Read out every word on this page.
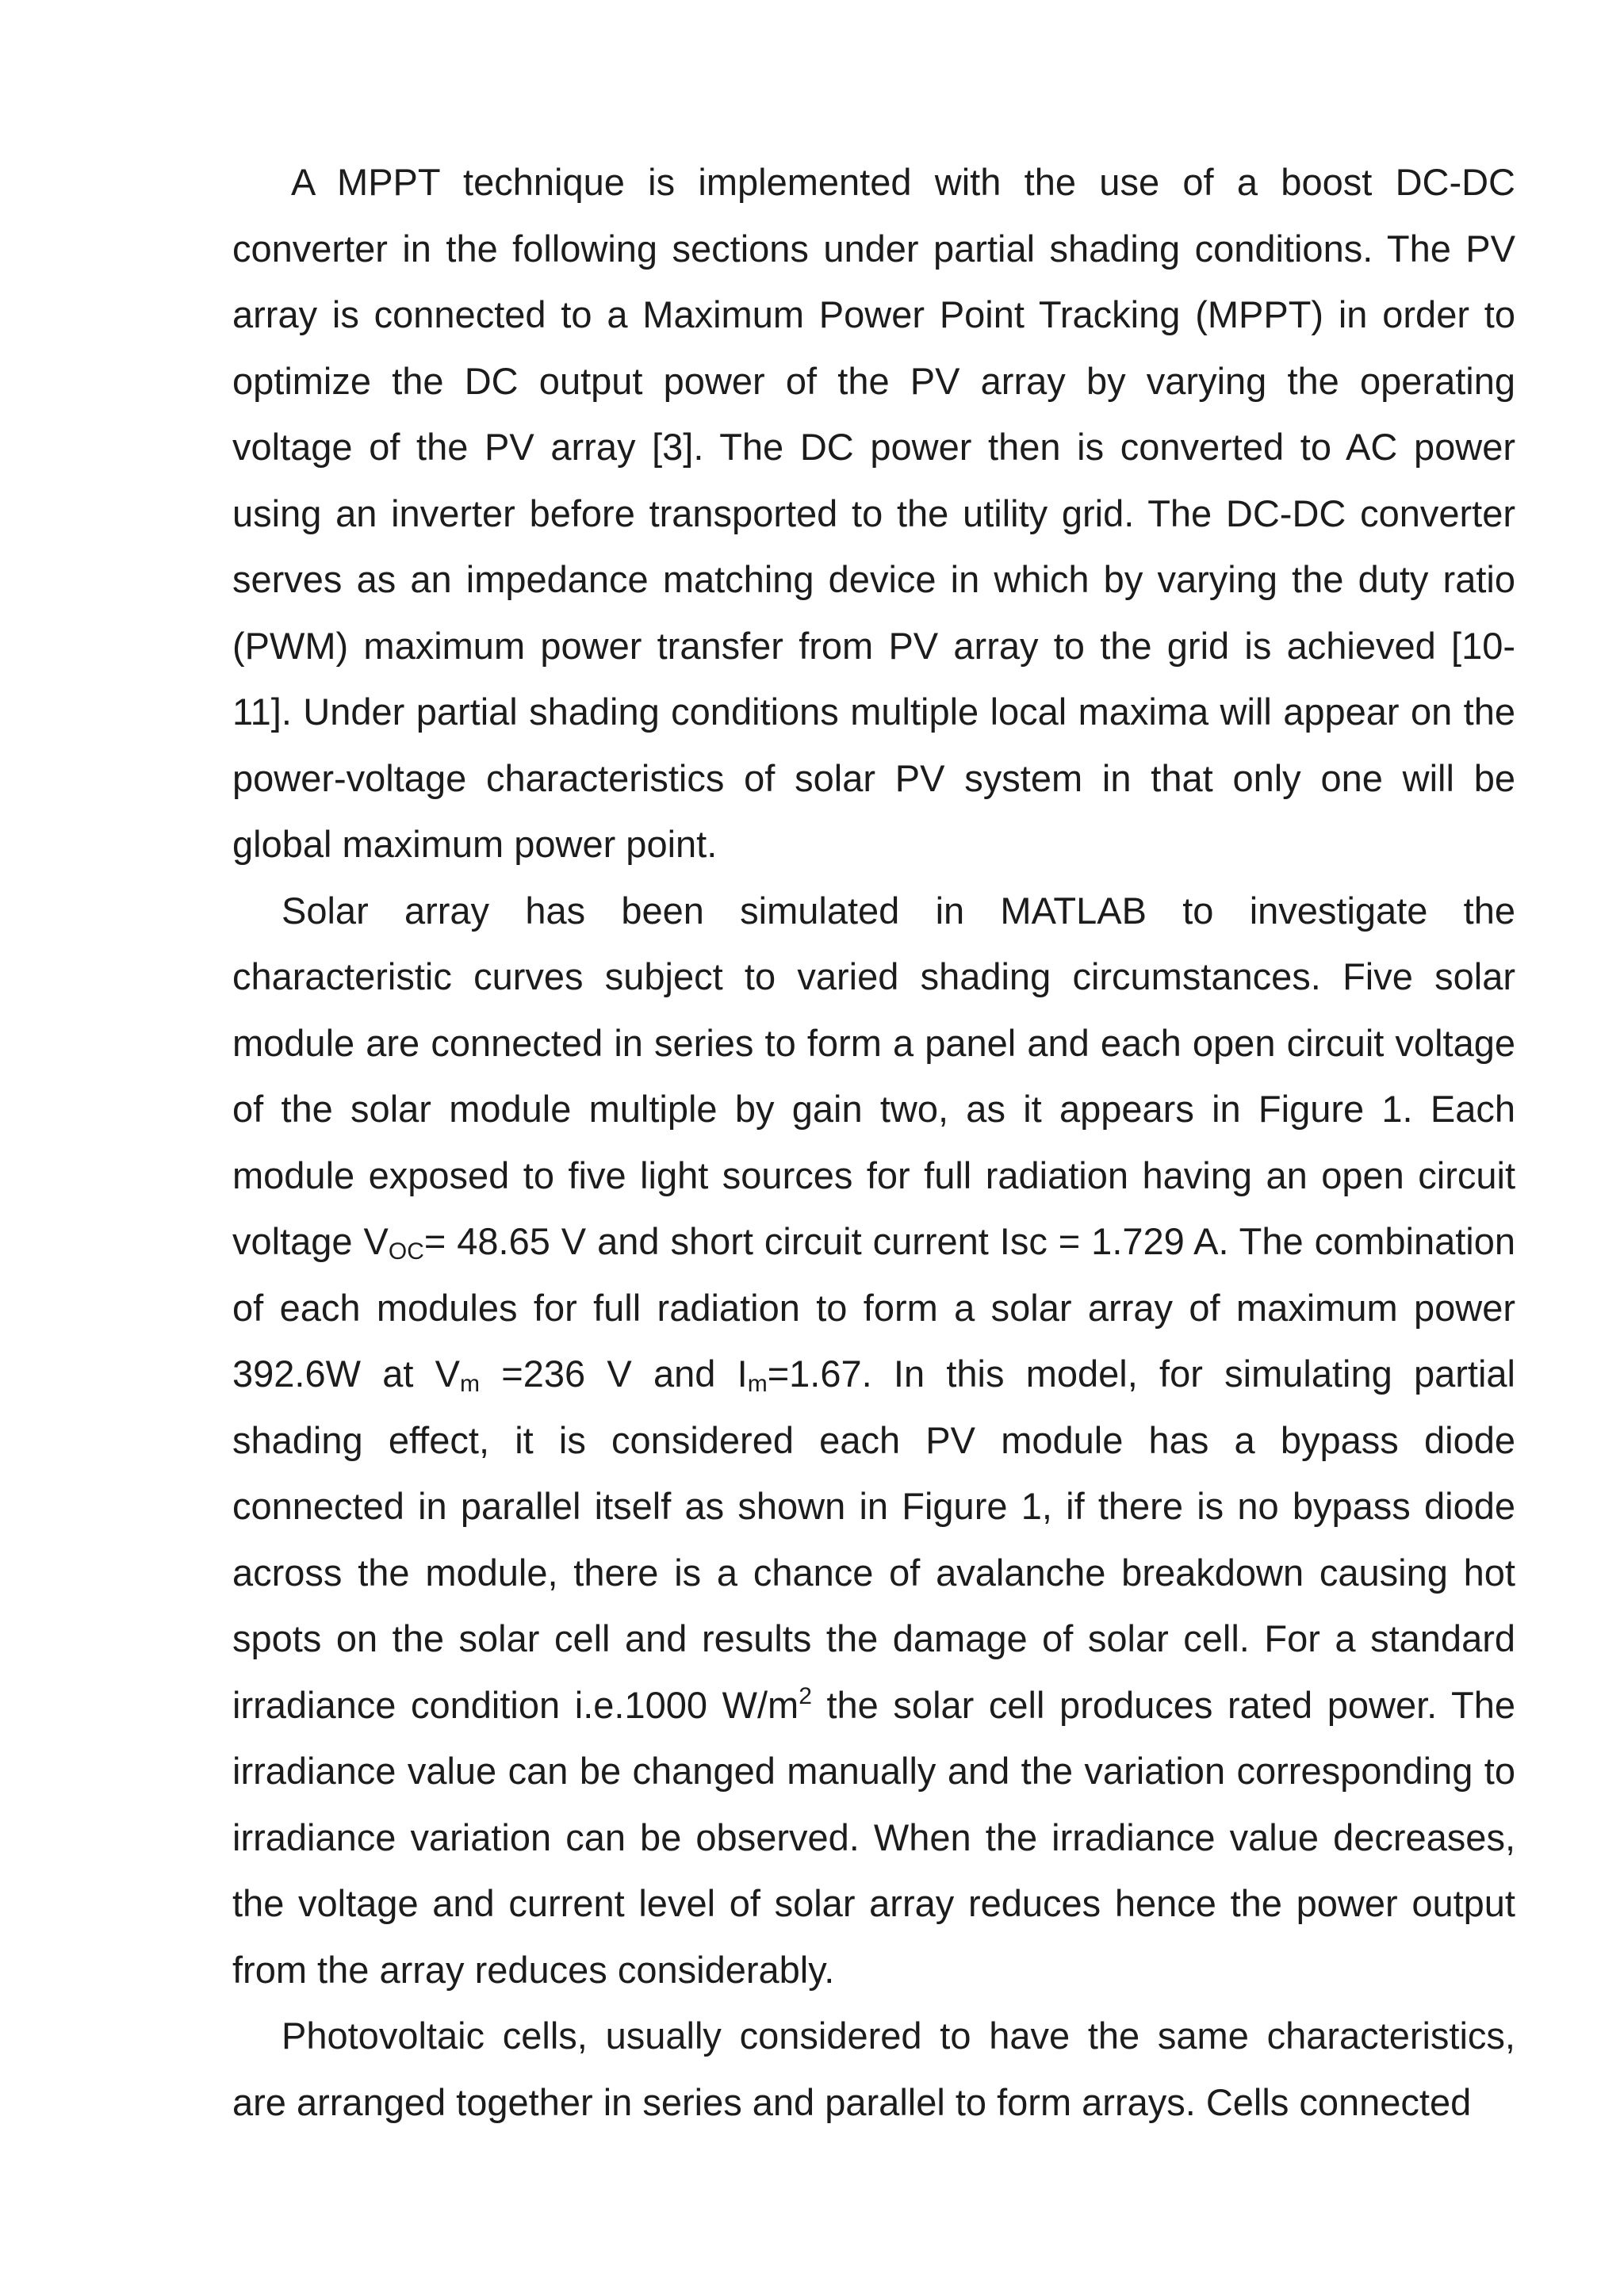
A MPPT technique is implemented with the use of a boost DC-DC converter in the following sections under partial shading conditions. The PV array is connected to a Maximum Power Point Tracking (MPPT) in order to optimize the DC output power of the PV array by varying the operating voltage of the PV array [3]. The DC power then is converted to AC power using an inverter before transported to the utility grid. The DC-DC converter serves as an impedance matching device in which by varying the duty ratio (PWM) maximum power transfer from PV array to the grid is achieved [10-11]. Under partial shading conditions multiple local maxima will appear on the power-voltage characteristics of solar PV system in that only one will be global maximum power point.

Solar array has been simulated in MATLAB to investigate the characteristic curves subject to varied shading circumstances. Five solar module are connected in series to form a panel and each open circuit voltage of the solar module multiple by gain two, as it appears in Figure 1. Each module exposed to five light sources for full radiation having an open circuit voltage $V_{OC}= 48.65$ V and short circuit current Isc = 1.729 A. The combination of each modules for full radiation to form a solar array of maximum power 392.6W at $V_m =236$ V and $I_m=1.67$. In this model, for simulating partial shading effect, it is considered each PV module has a bypass diode connected in parallel itself as shown in Figure 1, if there is no bypass diode across the module, there is a chance of avalanche breakdown causing hot spots on the solar cell and results the damage of solar cell. For a standard irradiance condition i.e.1000 $W/m^2$ the solar cell produces rated power. The irradiance value can be changed manually and the variation corresponding to irradiance variation can be observed. When the irradiance value decreases, the voltage and current level of solar array reduces hence the power output from the array reduces considerably.

Photovoltaic cells, usually considered to have the same characteristics, are arranged together in series and parallel to form arrays. Cells connected
